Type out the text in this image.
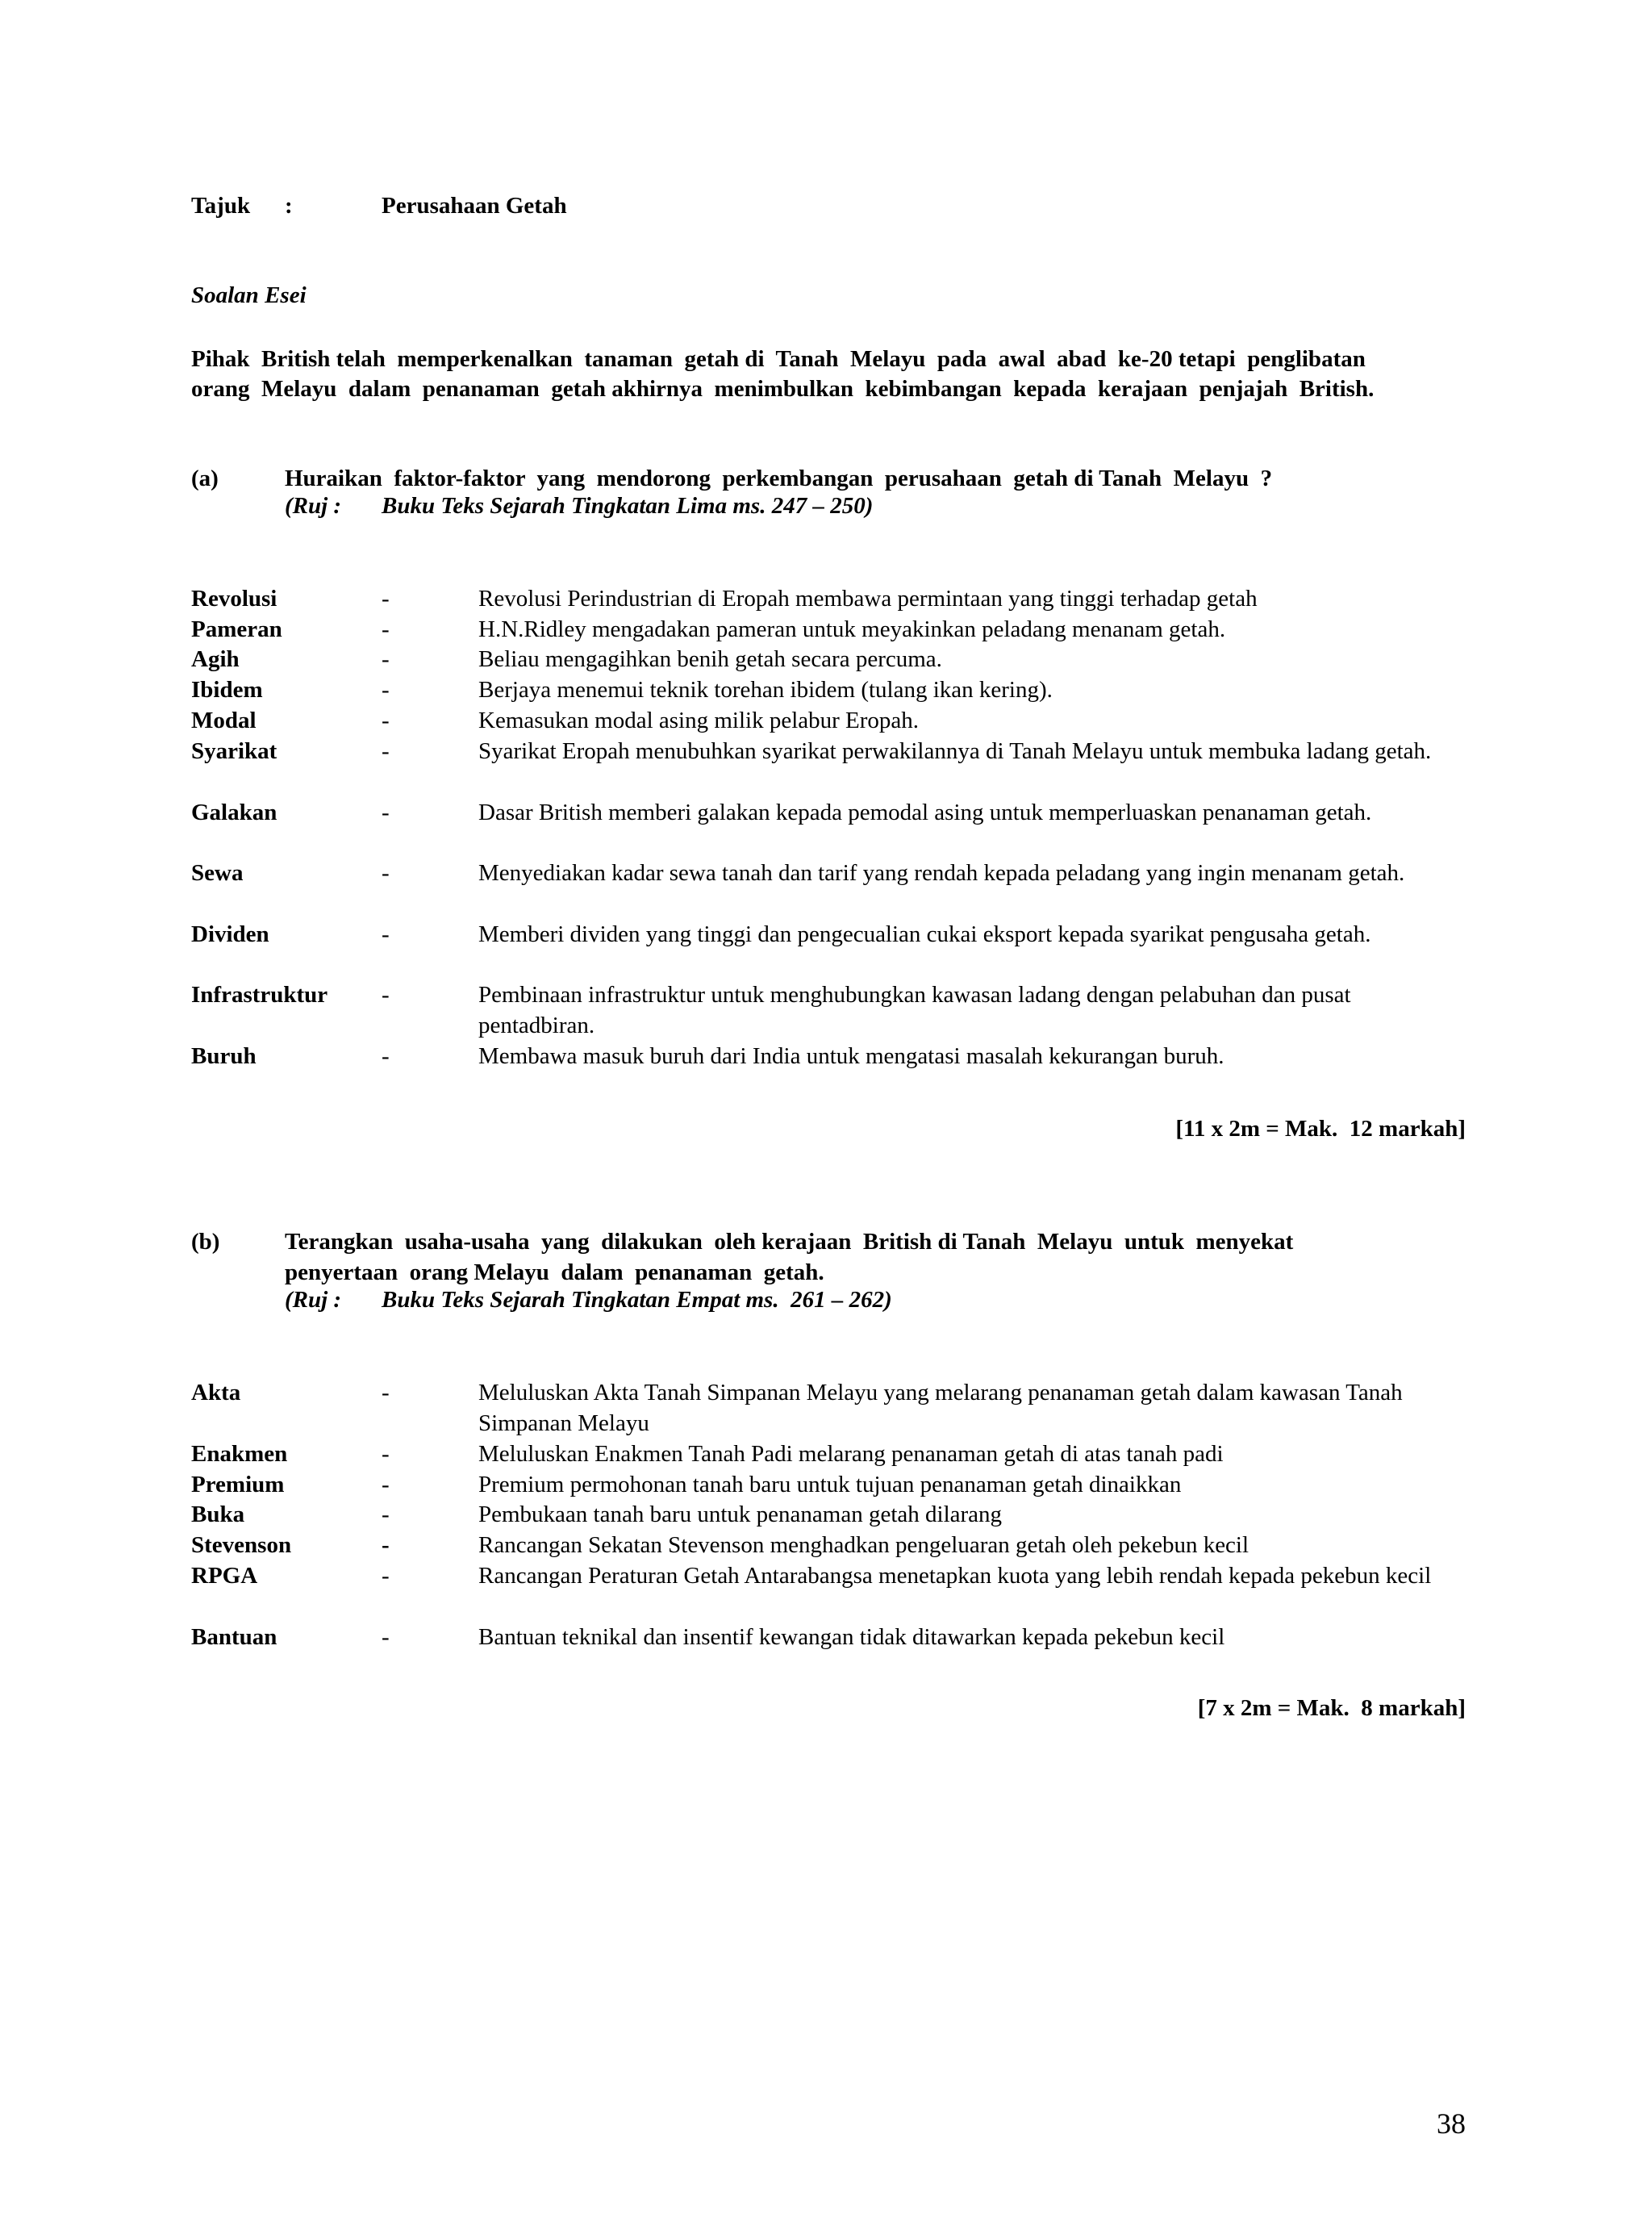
Tajuk :	Perusahaan Getah
Soalan Esei
Pihak  British telah  memperkenalkan  tanaman  getah di  Tanah  Melayu  pada  awal  abad  ke-20 tetapi  penglibatan
orang  Melayu  dalam  penanaman  getah akhirnya  menimbulkan  kebimbangan  kepada  kerajaan  penjajah  British.
(a)	Huraikan  faktor-faktor  yang  mendorong  perkembangan  perusahaan  getah di Tanah  Melayu  ?
(Ruj : Buku Teks Sejarah Tingkatan Lima ms. 247 – 250)
Revolusi	-	Revolusi Perindustrian di Eropah membawa permintaan yang tinggi terhadap getah
Pameran	-	H.N.Ridley mengadakan pameran untuk meyakinkan peladang menanam getah.
Agih	-	Beliau mengagihkan benih getah secara percuma.
Ibidem	-	Berjaya menemui teknik torehan ibidem (tulang ikan kering).
Modal	-	Kemasukan modal asing milik pelabur Eropah.
Syarikat	-	Syarikat Eropah menubuhkan syarikat perwakilannya di Tanah Melayu untuk membuka ladang getah.
Galakan	-	Dasar British memberi galakan kepada pemodal asing untuk memperluaskan penanaman getah.
Sewa	-	Menyediakan kadar sewa tanah dan tarif yang rendah kepada peladang yang ingin menanam getah.
Dividen	-	Memberi dividen yang tinggi dan pengecualian cukai eksport kepada syarikat pengusaha getah.
Infrastruktur	-	Pembinaan infrastruktur untuk menghubungkan kawasan ladang dengan pelabuhan dan pusat pentadbiran.
Buruh	-	Membawa masuk buruh dari India untuk mengatasi masalah kekurangan buruh.
[11 x 2m = Mak.  12 markah]
(b)	Terangkan  usaha-usaha  yang  dilakukan  oleh kerajaan  British di Tanah  Melayu  untuk  menyekat
penyertaan  orang Melayu  dalam  penanaman  getah.
(Ruj : Buku Teks Sejarah Tingkatan Empat ms.  261 – 262)
Akta	-	Meluluskan Akta Tanah Simpanan Melayu yang melarang penanaman getah dalam kawasan Tanah Simpanan Melayu
Enakmen	-	Meluluskan Enakmen Tanah Padi melarang penanaman getah di atas tanah padi
Premium	-	Premium permohonan tanah baru untuk tujuan penanaman getah dinaikkan
Buka	-	Pembukaan tanah baru untuk penanaman getah dilarang
Stevenson	-	Rancangan Sekatan Stevenson menghadkan pengeluaran getah oleh pekebun kecil
RPGA	-	Rancangan Peraturan Getah Antarabangsa menetapkan kuota yang lebih rendah kepada pekebun kecil
Bantuan	-	Bantuan teknikal dan insentif kewangan tidak ditawarkan kepada pekebun kecil
[7 x 2m = Mak.  8 markah]
38
